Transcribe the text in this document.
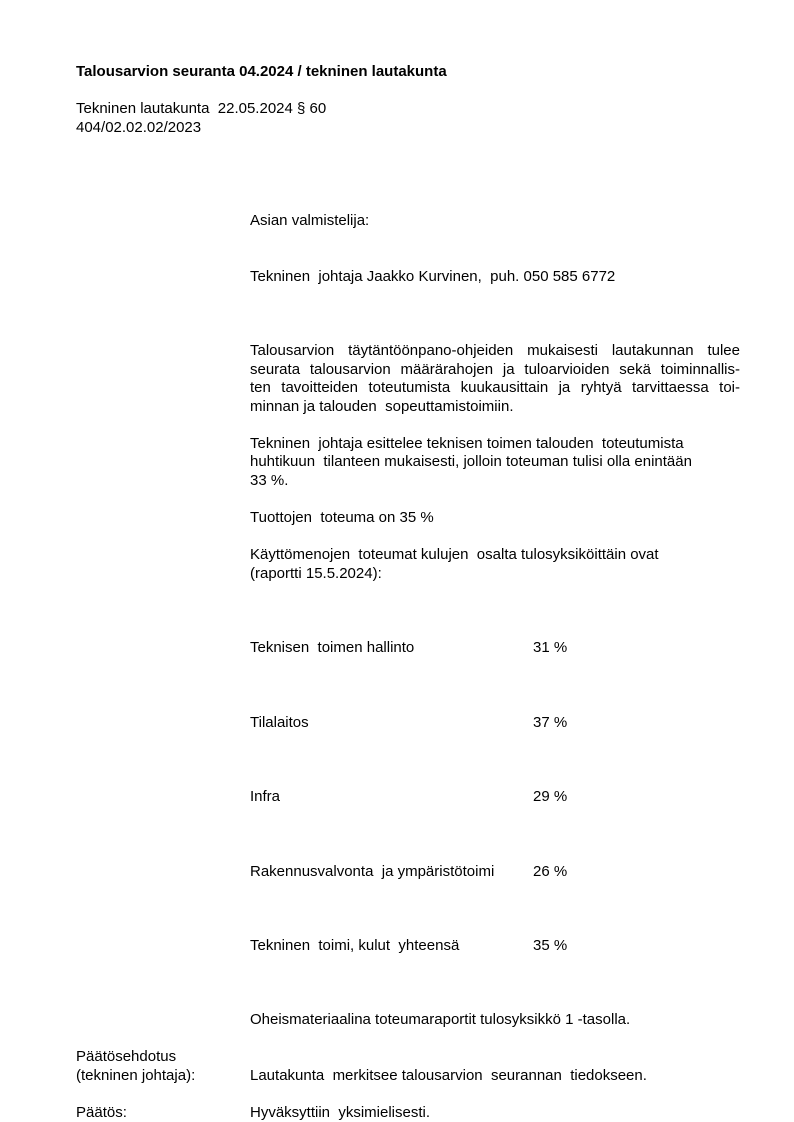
Talousarvion seuranta 04.2024 / tekninen lautakunta
Tekninen lautakunta  22.05.2024 § 60
404/02.02.02/2023

Asian valmistelija:

Tekninen  johtaja Jaakko Kurvinen,  puh. 050 585 6772

Talousarvion täytäntöönpano-ohjeiden mukaisesti lautakunnan tulee
seurata talousarvion määrärahojen ja tuloarvioiden sekä toiminnallis-
ten tavoitteiden toteutumista kuukausittain ja ryhtyä tarvittaessa toi-
minnan ja talouden  sopeuttamistoimiin.
Tekninen  johtaja esittelee teknisen toimen talouden  toteutumista
huhtikuun  tilanteen mukaisesti, jolloin toteuman tulisi olla enintään
33 %.
Tuottojen  toteuma on 35 %
Käyttömenojen  toteumat kulujen  osalta tulosyksiköittäin ovat
(raportti 15.5.2024):

Teknisen  toimen hallinto	31 %

Tilalaitos	37 %

Infra	29 %

Rakennusvalvonta  ja ympäristötoimi	26 %

Tekninen  toimi, kulut  yhteensä	35 %

Oheismateriaalina toteumaraportit tulosyksikkö 1 -tasolla.
Päätösehdotus
(tekninen johtaja):	Lautakunta  merkitsee talousarvion  seurannan  tiedokseen.
Päätös:	Hyväksyttiin  yksimielisesti.
